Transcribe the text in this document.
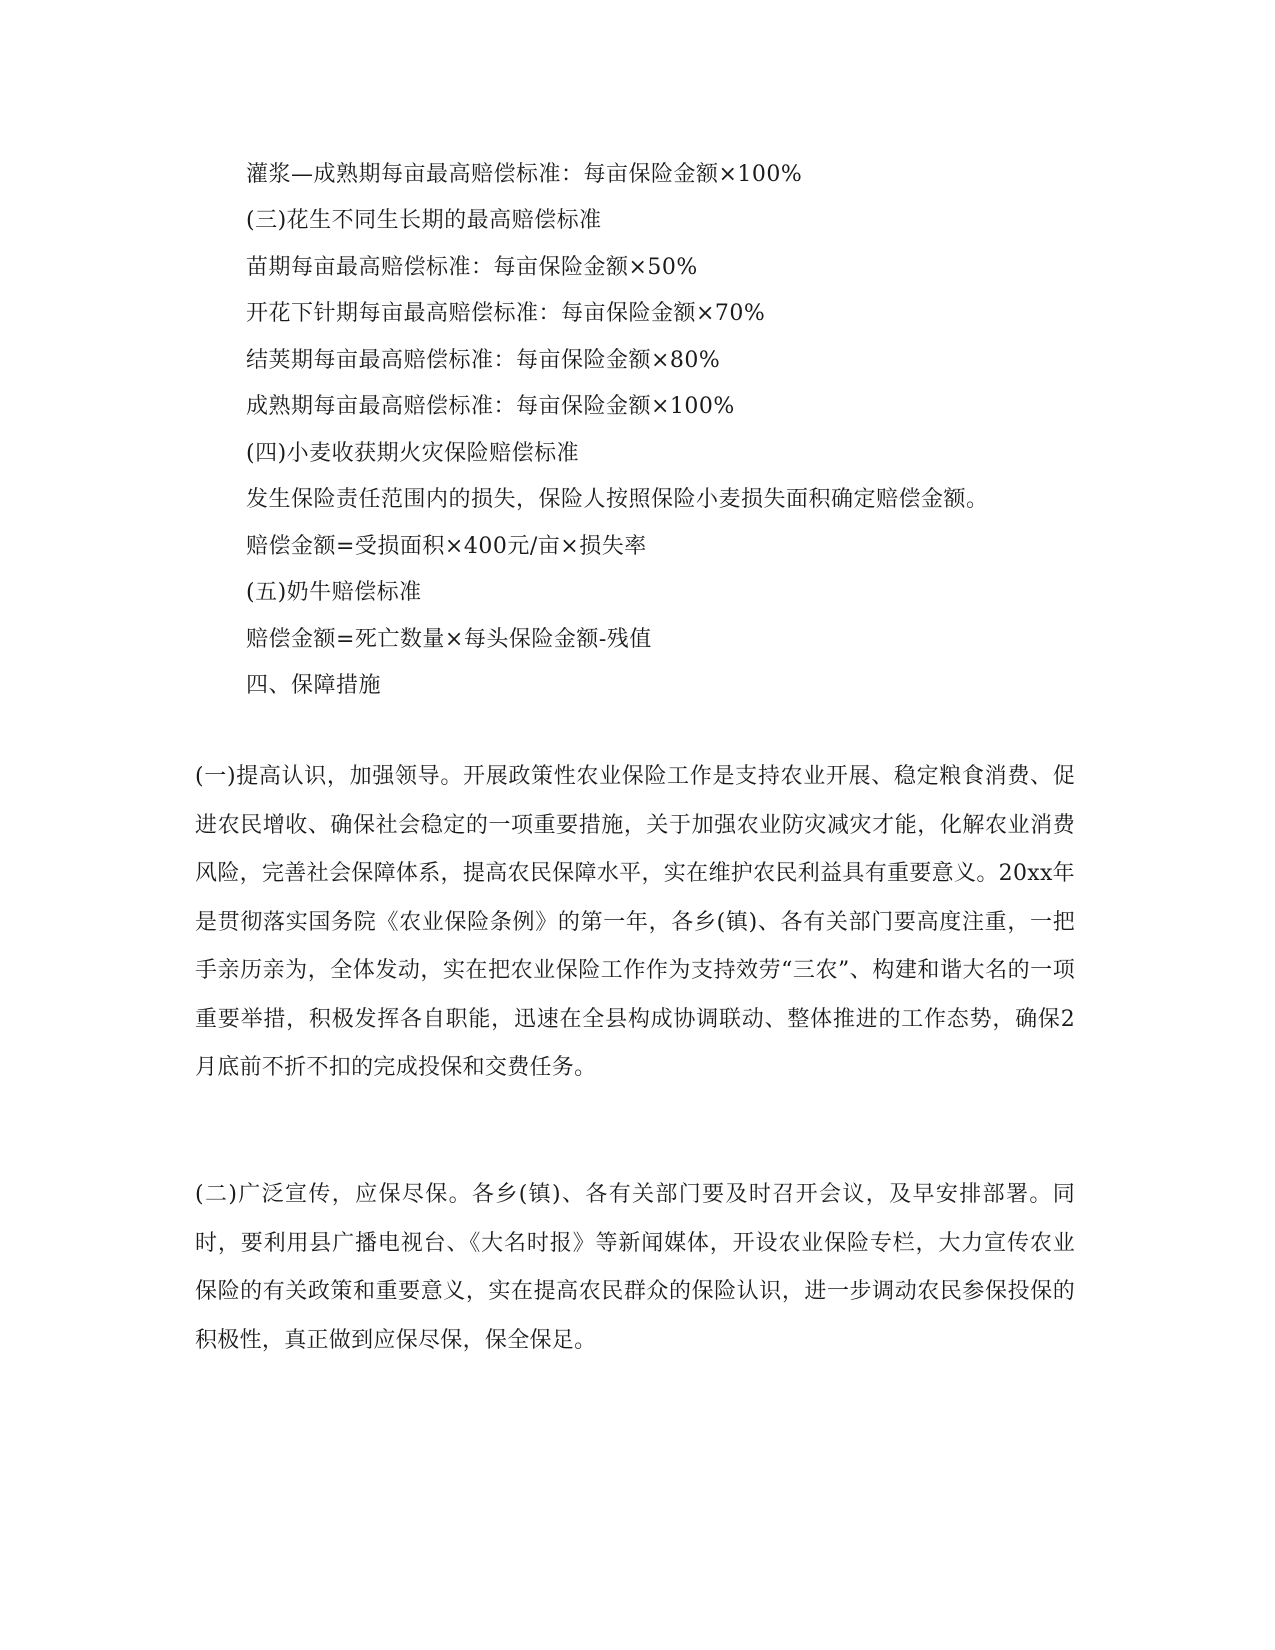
灌浆—成熟期每亩最高赔偿标准：每亩保险金额×100%
(三)花生不同生长期的最高赔偿标准
苗期每亩最高赔偿标准：每亩保险金额×50%
开花下针期每亩最高赔偿标准：每亩保险金额×70%
结荚期每亩最高赔偿标准：每亩保险金额×80%
成熟期每亩最高赔偿标准：每亩保险金额×100%
(四)小麦收获期火灾保险赔偿标准
发生保险责任范围内的损失，保险人按照保险小麦损失面积确定赔偿金额。
赔偿金额=受损面积×400元/亩×损失率
(五)奶牛赔偿标准
赔偿金额=死亡数量×每头保险金额-残值
四、保障措施
(一)提高认识，加强领导。开展政策性农业保险工作是支持农业开展、稳定粮食消费、促进农民增收、确保社会稳定的一项重要措施，关于加强农业防灾减灾才能，化解农业消费风险，完善社会保障体系，提高农民保障水平，实在维护农民利益具有重要意义。20xx年是贯彻落实国务院《农业保险条例》的第一年，各乡(镇)、各有关部门要高度注重，一把手亲历亲为，全体发动，实在把农业保险工作作为支持效劳“三农”、构建和谐大名的一项重要举措，积极发挥各自职能，迅速在全县构成协调联动、整体推进的工作态势，确保2月底前不折不扣的完成投保和交费任务。
(二)广泛宣传，应保尽保。各乡(镇)、各有关部门要及时召开会议，及早安排部署。同时，要利用县广播电视台、《大名时报》等新闻媒体，开设农业保险专栏，大力宣传农业保险的有关政策和重要意义，实在提高农民群众的保险认识，进一步调动农民参保投保的积极性，真正做到应保尽保，保全保足。
